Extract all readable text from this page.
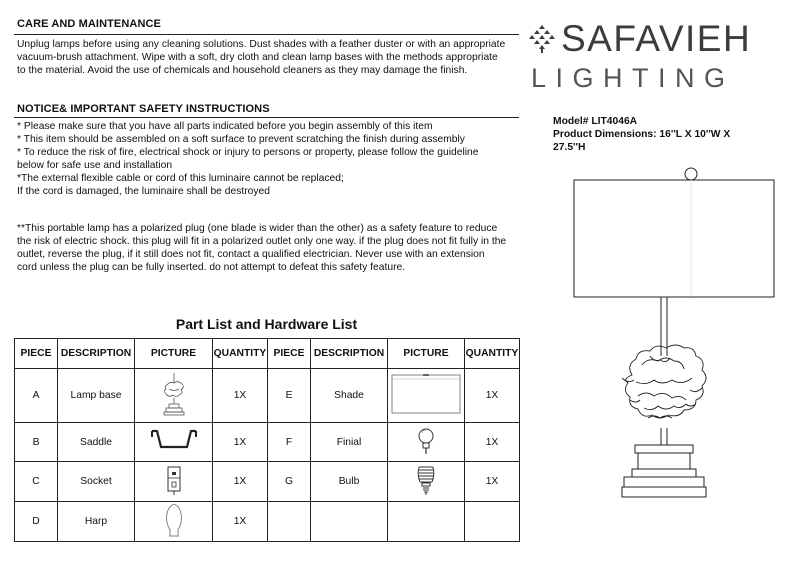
CARE AND MAINTENANCE
Unplug lamps before using any cleaning solutions. Dust shades with a feather duster or with an appropriate
vacuum-brush attachment. Wipe with a soft, dry cloth and clean lamp bases with the methods appropriate
to the material. Avoid the use of chemicals and household cleaners as they may damage the finish.
NOTICE& IMPORTANT SAFETY INSTRUCTIONS
* Please make sure that you have all parts indicated before you begin assembly of this item
* This item should be assembled on a soft surface to prevent scratching the finish during assembly
* To reduce the risk of fire, electrical shock or injury to persons or property, please follow the guideline
below for safe use and installation
*The external flexible cable or cord of this luminaire cannot be replaced;
If the cord is damaged, the luminaire shall be destroyed
**This portable lamp has a polarized plug (one blade is wider than the other) as a safety feature to reduce
the risk of electric shock. this plug will fit in a polarized outlet only one way. if the plug does not fit fully in the
outlet, reverse the plug, if it still does not fit, contact a qualified electrician. Never use with an extension
cord unless the plug can be fully inserted. do not attempt to defeat this safety feature.
Part List and Hardware List
PIECE	DESCRIPTION	PICTURE	QUANTITY	PIECE	DESCRIPTION	PICTURE	QUANTITY
A	Lamp base		1X	E	Shade		1X
B	Saddle		1X	F	Finial		1X
C	Socket		1X	G	Bulb		1X
D	Harp		1X				
SAFAVIEH
LIGHTING
Model# LIT4046A
Product Dimensions: 16''L X 10''W X
27.5''H
